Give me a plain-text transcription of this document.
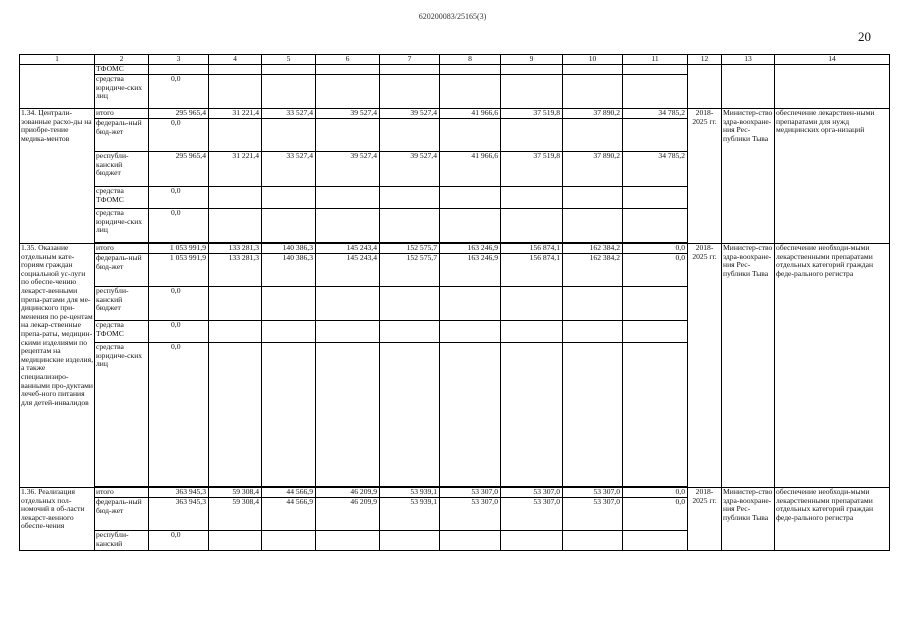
620200083/25165(3)
20
1	2	3	4	5	6	7	8	9	10	11	12	13	14
	ТФОМС												
	средства юридиче-ских лиц	0,0											
1.34. Централи-зованные расхо-ды на приобре-тение медика-ментов	итого	295 965,4	31 221,4	33 527,4	39 527,4	39 527,4	41 966,6	37 519,8	37 890,2	34 785,2	2018-2025 гг.	Министер-ство здра-воохране-ния Рес-публики Тыва	обеспечение лекарствен-ными препаратами для нужд медицинских орга-низаций
	федераль-ный бюд-жет	0,0											
	республи-канский бюджет	295 965,4	31 221,4	33 527,4	39 527,4	39 527,4	41 966,6	37 519,8	37 890,2	34 785,2			
	средства ТФОМС	0,0											
	средства юридиче-ских лиц	0,0											

1.35. Оказание отдельным кате-гориям граждан социальной ус-луги по обеспе-чению лекарст-венными препа-ратами для ме-дицинского при-менения по ре-центам на лекар-ственные препа-раты, медицин-скими изделиями по рецептам на медицинские изделия, а также специализиро-ванными про-дуктами лечеб-ного питания для детей-инвалидов	итого	1 053 991,9	133 281,3	140 386,3	145 243,4	152 575,7	163 246,9	156 874,1	162 384,2	0,0	2018-2025 гг.	Министер-ство здра-воохране-ния Рес-публики Тыва	обеспечение необходи-мыми лекарственными препаратами отдельных категорий граждан феде-рального регистра
	федераль-ный бюд-жет	1 053 991,9	133 281,3	140 386,3	145 243,4	152 575,7	163 246,9	156 874,1	162 384,2	0,0			
	республи-канский бюджет	0,0											
	средства ТФОМС	0,0											
	средства юридиче-ских лиц	0,0											

1.36. Реализация отдельных пол-номочий в об-ласти лекарст-венного обеспе-чения	итого	363 945,3	59 308,4	44 566,9	46 209,9	53 939,1	53 307,0	53 307,0	53 307,0	0,0	2018-2025 гг.	Министер-ство здра-воохране-ния Рес-публики Тыва	обеспечение необходи-мыми лекарственными препаратами отдельных категорий граждан феде-рального регистра
	федераль-ный бюд-жет	363 945,3	59 308,4	44 566,9	46 209,9	53 939,1	53 307,0	53 307,0	53 307,0	0,0			
	республи-канский	0,0											
